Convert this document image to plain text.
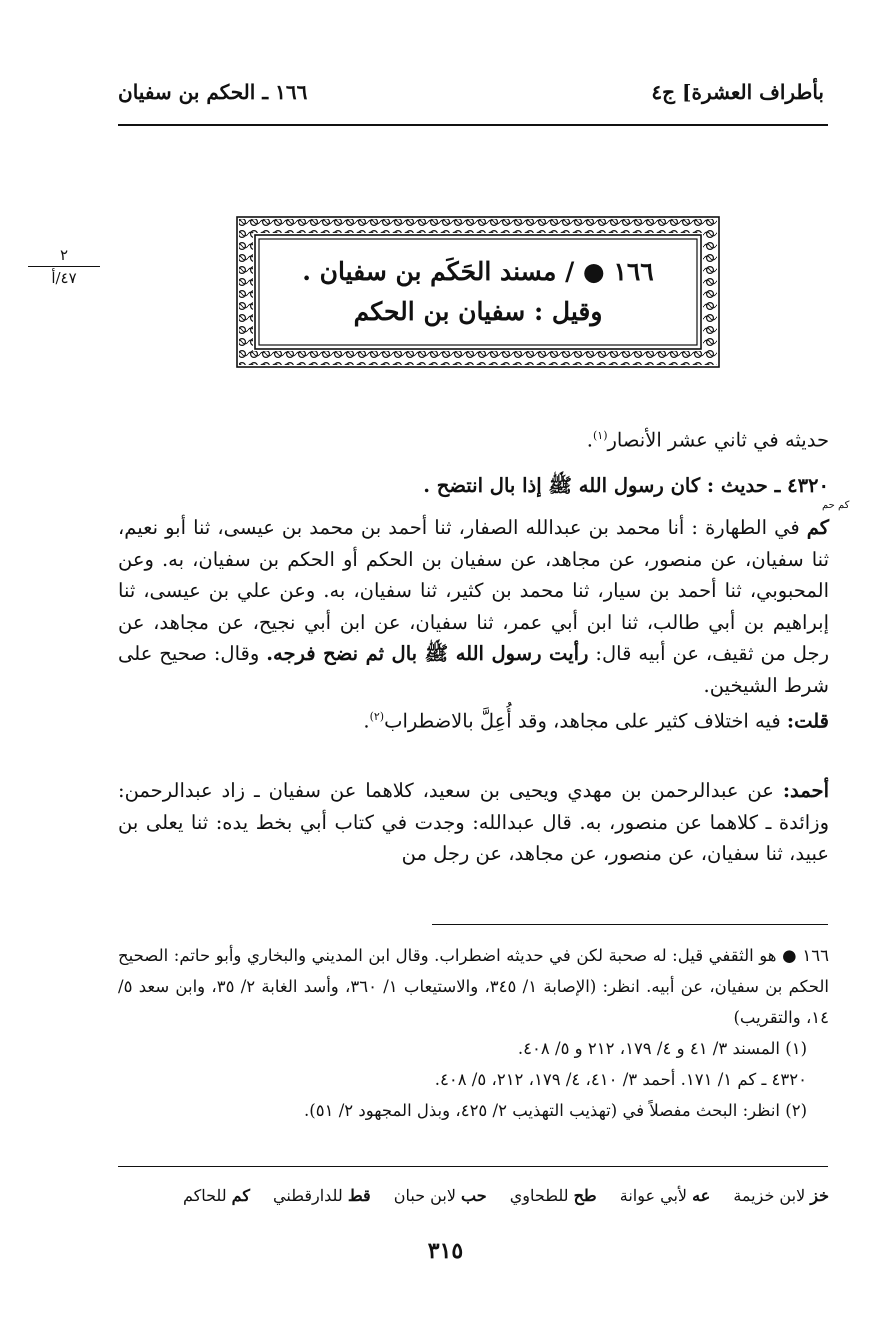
بأطراف العشرة] ج٤
١٦٦ ـ الحكم بن سفيان
٢
٤٧/أ	١٦٦ ● / مسند الحَكَم بن سفيان .
وقيل : سفيان بن الحكم
حديثه في ثاني عشر الأنصار$^{(١)}$.
٤٣٢٠ ـ حديث : كان رسول الله ﷺ إذا بال انتضح .
كم حم
كم في الطهارة : أنا محمد بن عبدالله الصفار، ثنا أحمد بن محمد بن عيسى، ثنا أبو نعيم، ثنا سفيان، عن منصور، عن مجاهد، عن سفيان بن الحكم أو الحكم بن سفيان، به. وعن المحبوبي، ثنا أحمد بن سيار، ثنا محمد بن كثير، ثنا سفيان، به. وعن علي بن عيسى، ثنا إبراهيم بن أبي طالب، ثنا ابن أبي عمر، ثنا سفيان، عن ابن أبي نجيح، عن مجاهد، عن رجل من ثقيف، عن أبيه قال: رأيت رسول الله ﷺ بال ثم نضح فرجه. وقال: صحيح على شرط الشيخين.
قلت: فيه اختلاف كثير على مجاهد، وقد أُعِلَّ بالاضطراب$^{(٢)}$.
أحمد: عن عبدالرحمن بن مهدي ويحيى بن سعيد، كلاهما عن سفيان ـ زاد عبدالرحمن: وزائدة ـ كلاهما عن منصور، به. قال عبدالله: وجدت في كتاب أبي بخط يده: ثنا يعلى بن عبيد، ثنا سفيان، عن منصور، عن مجاهد، عن رجل من
١٦٦ ● هو الثقفي قيل: له صحبة لكن في حديثه اضطراب. وقال ابن المديني والبخاري وأبو حاتم: الصحيح الحكم بن سفيان، عن أبيه. انظر: (الإصابة ١/ ٣٤٥، والاستيعاب ١/ ٣٦٠، وأسد الغابة ٢/ ٣٥، وابن سعد ٥/ ١٤، والتقريب)
(١) المسند ٣/ ٤١ و ٤/ ١٧٩، ٢١٢ و ٥/ ٤٠٨.
٤٣٢٠ ـ كم ١/ ١٧١. أحمد ٣/ ٤١٠، ٤/ ١٧٩، ٢١٢، ٥/ ٤٠٨.
(٢) انظر: البحث مفصلاً في (تهذيب التهذيب ٢/ ٤٢٥، وبذل المجهود ٢/ ٥١).
خز لابن خزيمة عه لأبي عوانة طح للطحاوي حب لابن حبان قط للدارقطني كم للحاكم
٣١٥
